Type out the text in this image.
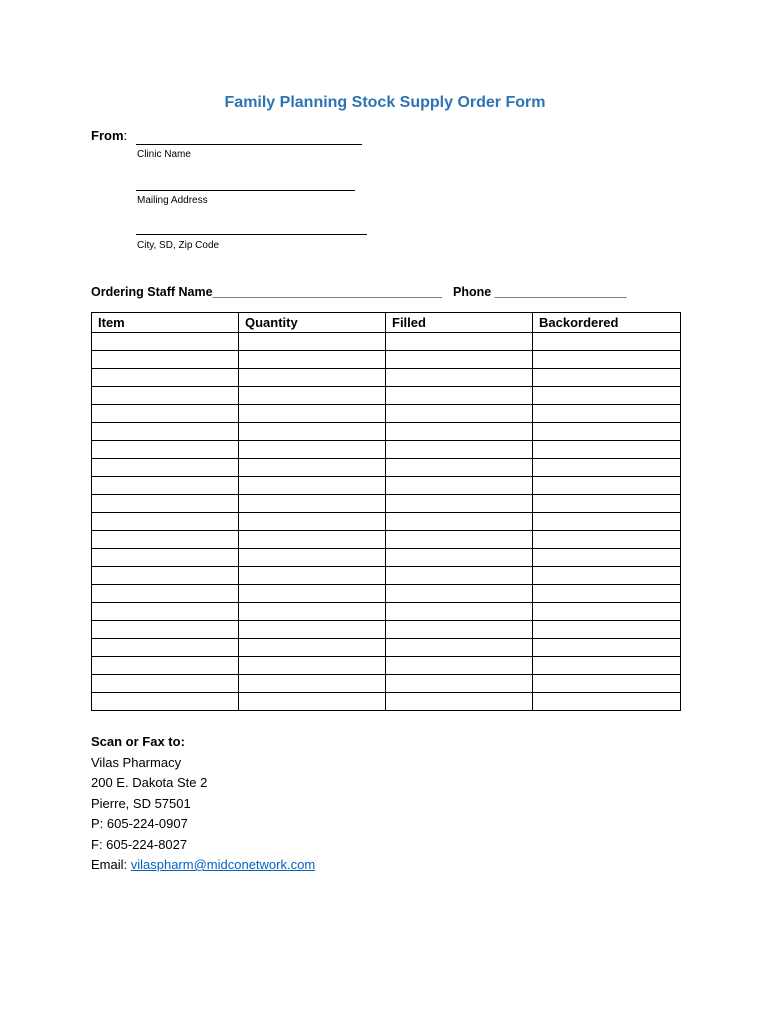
Family Planning Stock Supply Order Form
From:
Clinic Name
Mailing Address
City, SD, Zip Code
Ordering Staff Name_________________________________ Phone ___________________
Item	Quantity	Filled	Backordered

Scan or Fax to:
Vilas Pharmacy
200 E. Dakota Ste 2
Pierre, SD 57501
P: 605-224-0907
F: 605-224-8027
Email: vilaspharm@midconetwork.com
